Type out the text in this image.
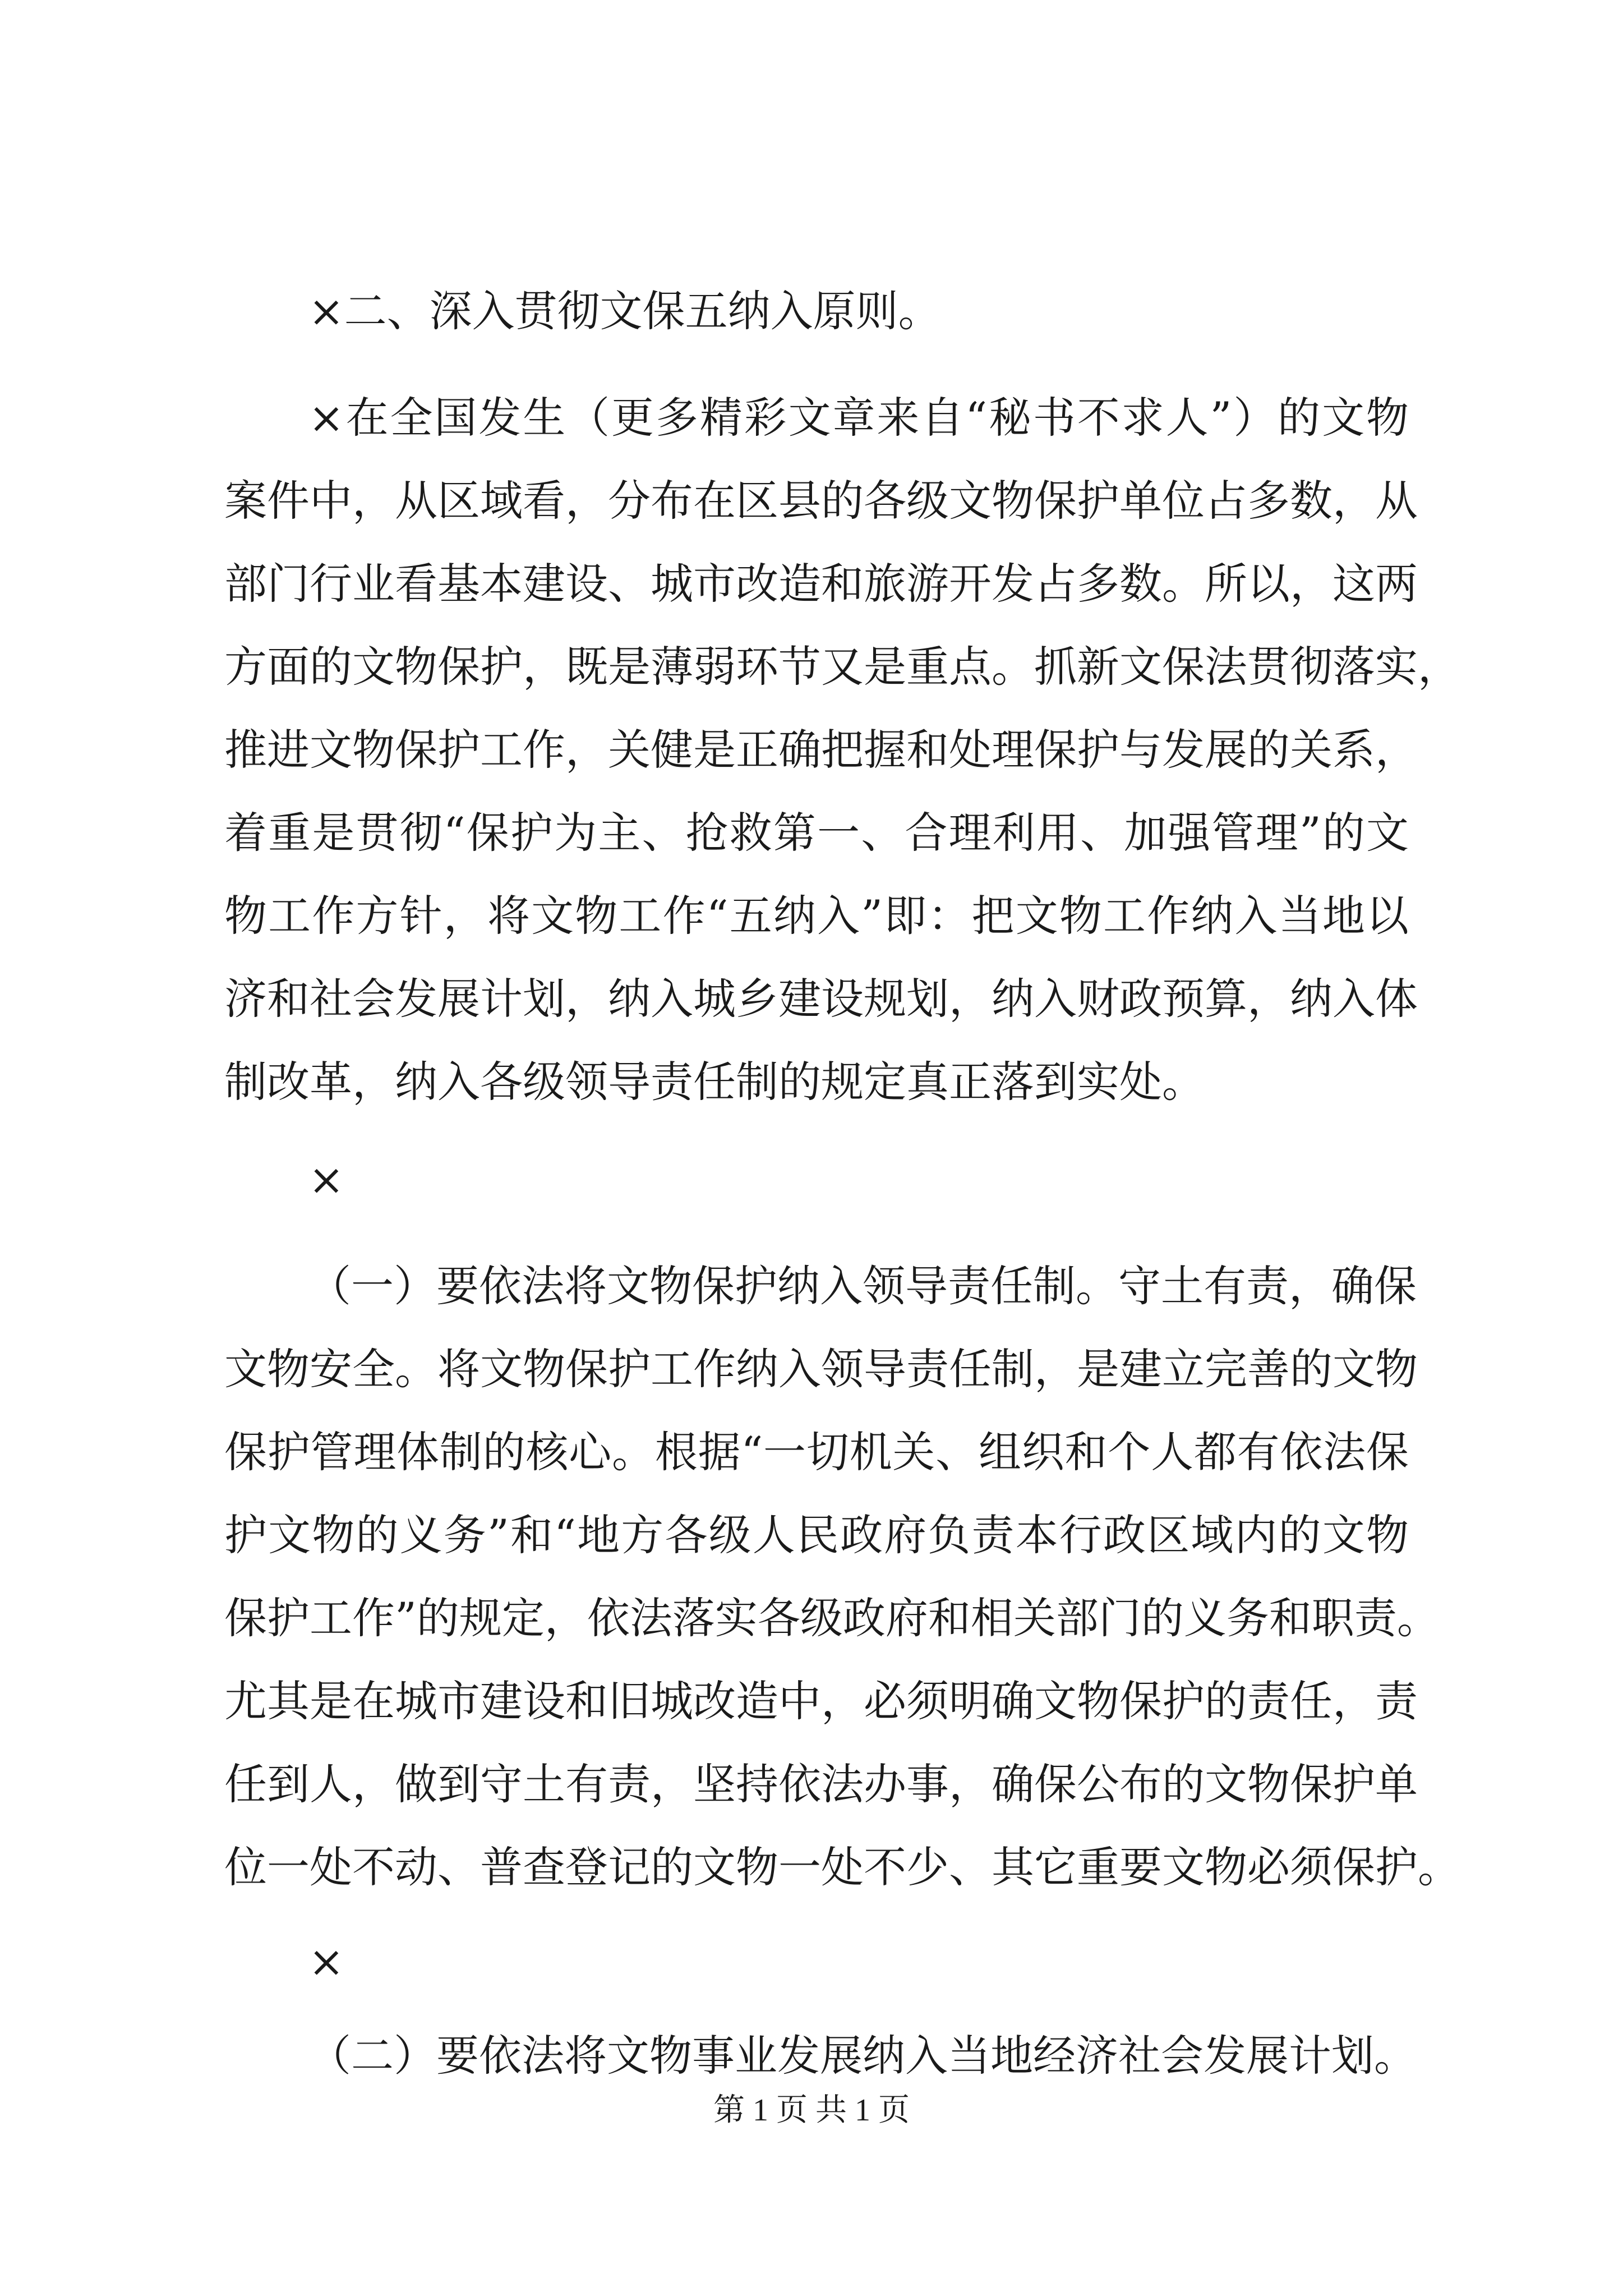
×二、深入贯彻文保五纳入原则。
×在全国发生（更多精彩文章来自“秘书不求人”）的文物
案件中，从区域看，分布在区县的各级文物保护单位占多数，从
部门行业看基本建设、城市改造和旅游开发占多数。所以，这两
方面的文物保护，既是薄弱环节又是重点。抓新文保法贯彻落实，
推进文物保护工作，关健是正确把握和处理保护与发展的关系，
着重是贯彻“保护为主、抢救第一、合理利用、加强管理”的文
物工作方针，将文物工作“五纳入”即：把文物工作纳入当地以
济和社会发展计划，纳入城乡建设规划，纳入财政预算，纳入体
制改革，纳入各级领导责任制的规定真正落到实处。
×
（一）要依法将文物保护纳入领导责任制。守土有责，确保
文物安全。将文物保护工作纳入领导责任制，是建立完善的文物
保护管理体制的核心。根据“一切机关、组织和个人都有依法保
护文物的义务”和“地方各级人民政府负责本行政区域内的文物
保护工作”的规定，依法落实各级政府和相关部门的义务和职责。
尤其是在城市建设和旧城改造中，必须明确文物保护的责任，责
任到人，做到守土有责，坚持依法办事，确保公布的文物保护单
位一处不动、普查登记的文物一处不少、其它重要文物必须保护。
×
（二）要依法将文物事业发展纳入当地经济社会发展计划。
第 1 页 共 1 页
